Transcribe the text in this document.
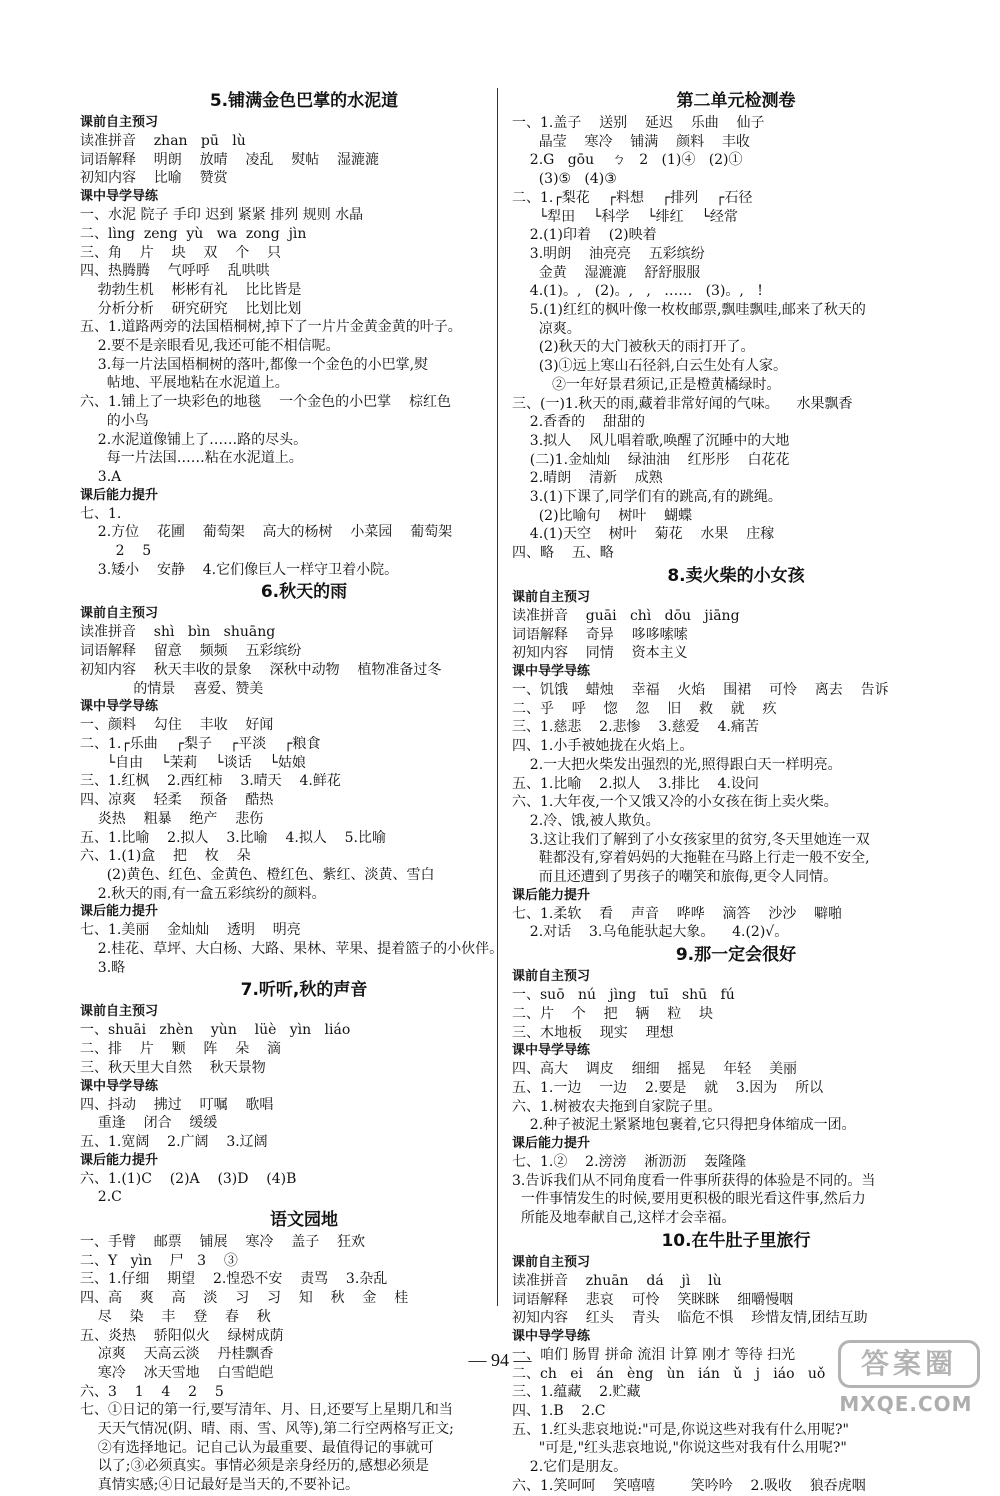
5.铺满金色巴掌的水泥道
课前自主预习
读准拼音    zhan   pū   lù
词语解释    明朗    放晴    凌乱    熨帖    湿漉漉
初知内容    比喻    赞赏
课中导学导练
一、水泥 院子 手印 迟到 紧紧 排列 规则 水晶
二、lìng  zeng  yù   wa  zong  jìn
三、角    片    块    双    个    只
四、热腾腾    气呼呼    乱哄哄
勃勃生机    彬彬有礼    比比皆是
分析分析    研究研究    比划比划
五、1.道路两旁的法国梧桐树,掉下了一片片金黄金黄的叶子。
2.要不是亲眼看见,我还可能不相信呢。
3.每一片法国梧桐树的落叶,都像一个金色的小巴掌,熨
帖地、平展地粘在水泥道上。
六、1.铺上了一块彩色的地毯    一个金色的小巴掌    棕红色
的小鸟
2.水泥道像铺上了……路的尽头。
每一片法国……粘在水泥道上。
3.A
课后能力提升
七、1.
2.方位    花圃    葡萄架    高大的杨树    小菜园    葡萄架
2    5
3.矮小    安静    4.它们像巨人一样守卫着小院。
6.秋天的雨
课前自主预习
读准拼音    shì   bìn   shuāng
词语解释    留意    频频    五彩缤纷
初知内容    秋天丰收的景象    深秋中动物    植物准备过冬
的情景    喜爱、赞美
课中导学导练
一、颜料    勾住    丰收    好闻
二、1.┌乐曲    ┌梨子    ┌平淡    ┌粮食
└自由    └茉莉    └谈话    └姑娘
三、1.红枫    2.西红柿    3.晴天    4.鲜花
四、凉爽    轻柔    预备    酷热
炎热    粗暴    绝产    悲伤
五、1.比喻    2.拟人    3.比喻    4.拟人    5.比喻
六、1.(1)盒    把    枚    朵
(2)黄色、红色、金黄色、橙红色、紫红、淡黄、雪白
2.秋天的雨,有一盒五彩缤纷的颜料。
课后能力提升
七、1.美丽    金灿灿    透明    明亮
2.桂花、草坪、大白杨、大路、果林、苹果、提着篮子的小伙伴。
3.略
7.听听,秋的声音
课前自主预习
一、shuāi   zhèn    yùn    lüè   yìn   liáo
二、排    片    颗    阵    朵    滴
三、秋天里大自然    秋天景物
课中导学导练
四、抖动    拂过    叮嘱    歌唱
重逢    闭合    缓缓
五、1.宽阔    2.广阔    3.辽阔
课后能力提升
六、1.(1)C    (2)A    (3)D    (4)B
2.C
语文园地
一、手臂    邮票    铺展    寒冷    盖子    狂欢
二、Y   yìn    ⼫   3    ③
三、1.仔细    期望    2.惶恐不安    责骂    3.杂乱
四、高    爽    高    淡    习    习    知    秋    金    桂
尽    染    丰    登    春    秋
五、炎热    骄阳似火    绿树成荫
凉爽    天高云淡    丹桂飘香
寒冷    冰天雪地    白雪皑皑
六、3    1    4    2    5
七、①日记的第一行,要写清年、月、日,还要写上星期几和当
天天气情况(阴、晴、雨、雪、风等),第二行空两格写正文;
②有选择地记。记自己认为最重要、最值得记的事就可
以了;③必须真实。事情必须是亲身经历的,感想必须是
真情实感;④日记最好是当天的,不要补记。
第二单元检测卷
一、1.盖子    送别    延迟    乐曲    仙子
晶莹    寒冷    铺满    颜料    丰收
2.G   gōu    ㄅ   2   (1)④   (2)①
(3)⑤   (4)③
二、1.┌梨花    ┌料想    ┌排列    ┌石径
└犁田    └科学    └绯红    └经常
2.(1)印着    (2)映着
3.明朗    油亮亮    五彩缤纷
金黄    湿漉漉    舒舒服服
4.(1)。,   (2)。,   ,   ……   (3)。,   !
5.(1)红红的枫叶像一枚枚邮票,飘哇飘哇,邮来了秋天的
凉爽。
(2)秋天的大门被秋天的雨打开了。
(3)①远上寒山石径斜,白云生处有人家。
②一年好景君须记,正是橙黄橘绿时。
三、(一)1.秋天的雨,藏着非常好闻的气味。    水果飘香
2.香香的    甜甜的
3.拟人    风儿唱着歌,唤醒了沉睡中的大地
(二)1.金灿灿    绿油油    红彤彤    白花花
2.晴朗    清新    成熟
3.(1)下课了,同学们有的跳高,有的跳绳。
(2)比喻句    树叶    蝴蝶
4.(1)天空    树叶    菊花    水果    庄稼
四、略    五、略
8.卖火柴的小女孩
课前自主预习
读准拼音    guāi   chì   dōu   jiāng
词语解释    奇异    哆哆嗦嗦
初知内容    同情    资本主义
课中导学导练
一、饥饿    蜡烛    幸福    火焰    围裙    可怜    离去    告诉
二、乎    呼    惚    忽    旧    救    就    疚
三、1.慈悲    2.悲惨    3.慈爱    4.痛苦
四、1.小手被她拢在火焰上。
2.一大把火柴发出强烈的光,照得跟白天一样明亮。
五、1.比喻    2.拟人    3.排比    4.设问
六、1.大年夜,一个又饿又冷的小女孩在街上卖火柴。
2.冷、饿,被人欺负。
3.这让我们了解到了小女孩家里的贫穷,冬天里她连一双
鞋都没有,穿着妈妈的大拖鞋在马路上行走一般不安全,
而且还遭到了男孩子的嘲笑和旅侮,更令人同情。
课后能力提升
七、1.柔软    看    声音    哗哗    滴答    沙沙    噼啪
2.对话    3.乌龟能驮起大象。    4.(2)√。
9.那一定会很好
课前自主预习
一、suō   nú   jìng   tuī   shū   fú
二、片    个    把    辆    粒    块
三、木地板    现实    理想
课中导学导练
四、高大    调皮    细细    摇晃    年轻    美丽
五、1.一边    一边    2.要是    就    3.因为    所以
六、1.树被农夫拖到自家院子里。
2.种子被泥土紧紧地包裹着,它只得把身体缩成一团。
课后能力提升
七、1.②    2.滂滂    淅沥沥    轰隆隆
3.告诉我们从不同角度看一件事所获得的体验是不同的。当
一件事情发生的时候,要用更积极的眼光看这件事,然后力
所能及地奉献自己,这样才会幸福。
10.在牛肚子里旅行
课前自主预习
读准拼音    zhuān    dá    jì    lù
词语解释    悲哀    可怜    笑眯眯    细嚼慢咽
初知内容    红头    青头    临危不惧    珍惜友情,团结互助
课中导学导练
一、咱们 肠胃 拼命 流泪 计算 刚才 等待 扫光
二、ch   ei   án   èng   ùn   ián   ǔ   j   iáo   uǒ
三、1.蕴藏    2.贮藏
四、1.B    2.C
五、1.红头悲哀地说:"可是,你说这些对我有什么用呢?"
"可是,"红头悲哀地说,"你说这些对我有什么用呢?"
2.它们是朋友。
六、1.笑呵呵    笑嘻嘻        笑吟吟    2.吸收    狼吞虎咽
— 94 —	答案圈
MXQE.COM
